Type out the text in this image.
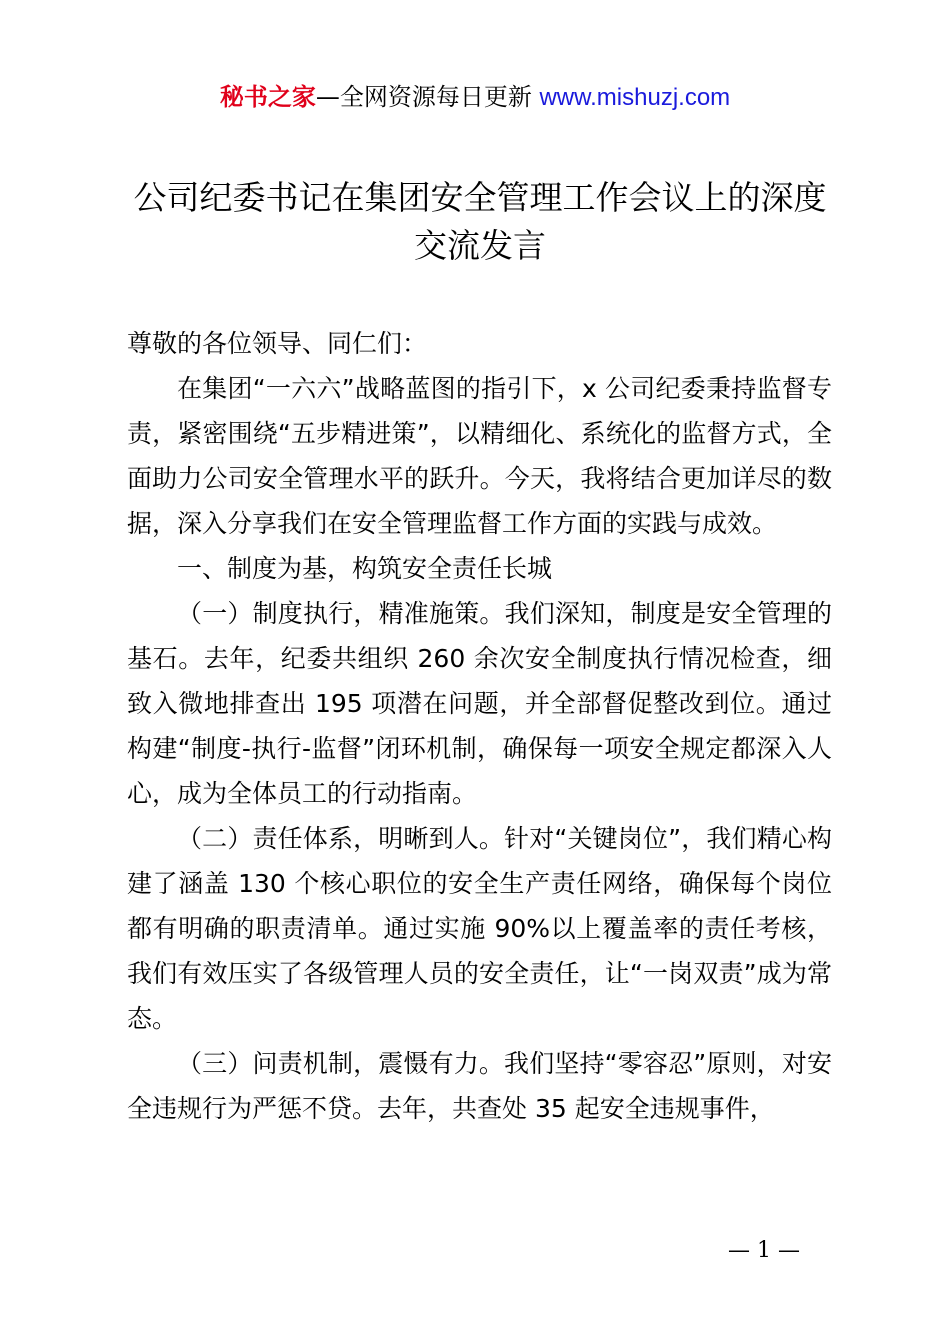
秘书之家—全网资源每日更新 www.mishuzj.com
公司纪委书记在集团安全管理工作会议上的深度交流发言

尊敬的各位领导、同仁们：

在集团“一六六”战略蓝图的指引下，x 公司纪委秉持监督专责，紧密围绕“五步精进策”，以精细化、系统化的监督方式，全面助力公司安全管理水平的跃升。今天，我将结合更加详尽的数据，深入分享我们在安全管理监督工作方面的实践与成效。

一、制度为基，构筑安全责任长城

（一）制度执行，精准施策。我们深知，制度是安全管理的基石。去年，纪委共组织 260 余次安全制度执行情况检查，细致入微地排查出 195 项潜在问题，并全部督促整改到位。通过构建“制度-执行-监督”闭环机制，确保每一项安全规定都深入人心，成为全体员工的行动指南。

（二）责任体系，明晰到人。针对“关键岗位”，我们精心构建了涵盖 130 个核心职位的安全生产责任网络，确保每个岗位都有明确的职责清单。通过实施 90%以上覆盖率的责任考核，我们有效压实了各级管理人员的安全责任，让“一岗双责”成为常态。

（三）问责机制，震慑有力。我们坚持“零容忍”原则，对安全违规行为严惩不贷。去年，共查处 35 起安全违规事件，

— 1 —
